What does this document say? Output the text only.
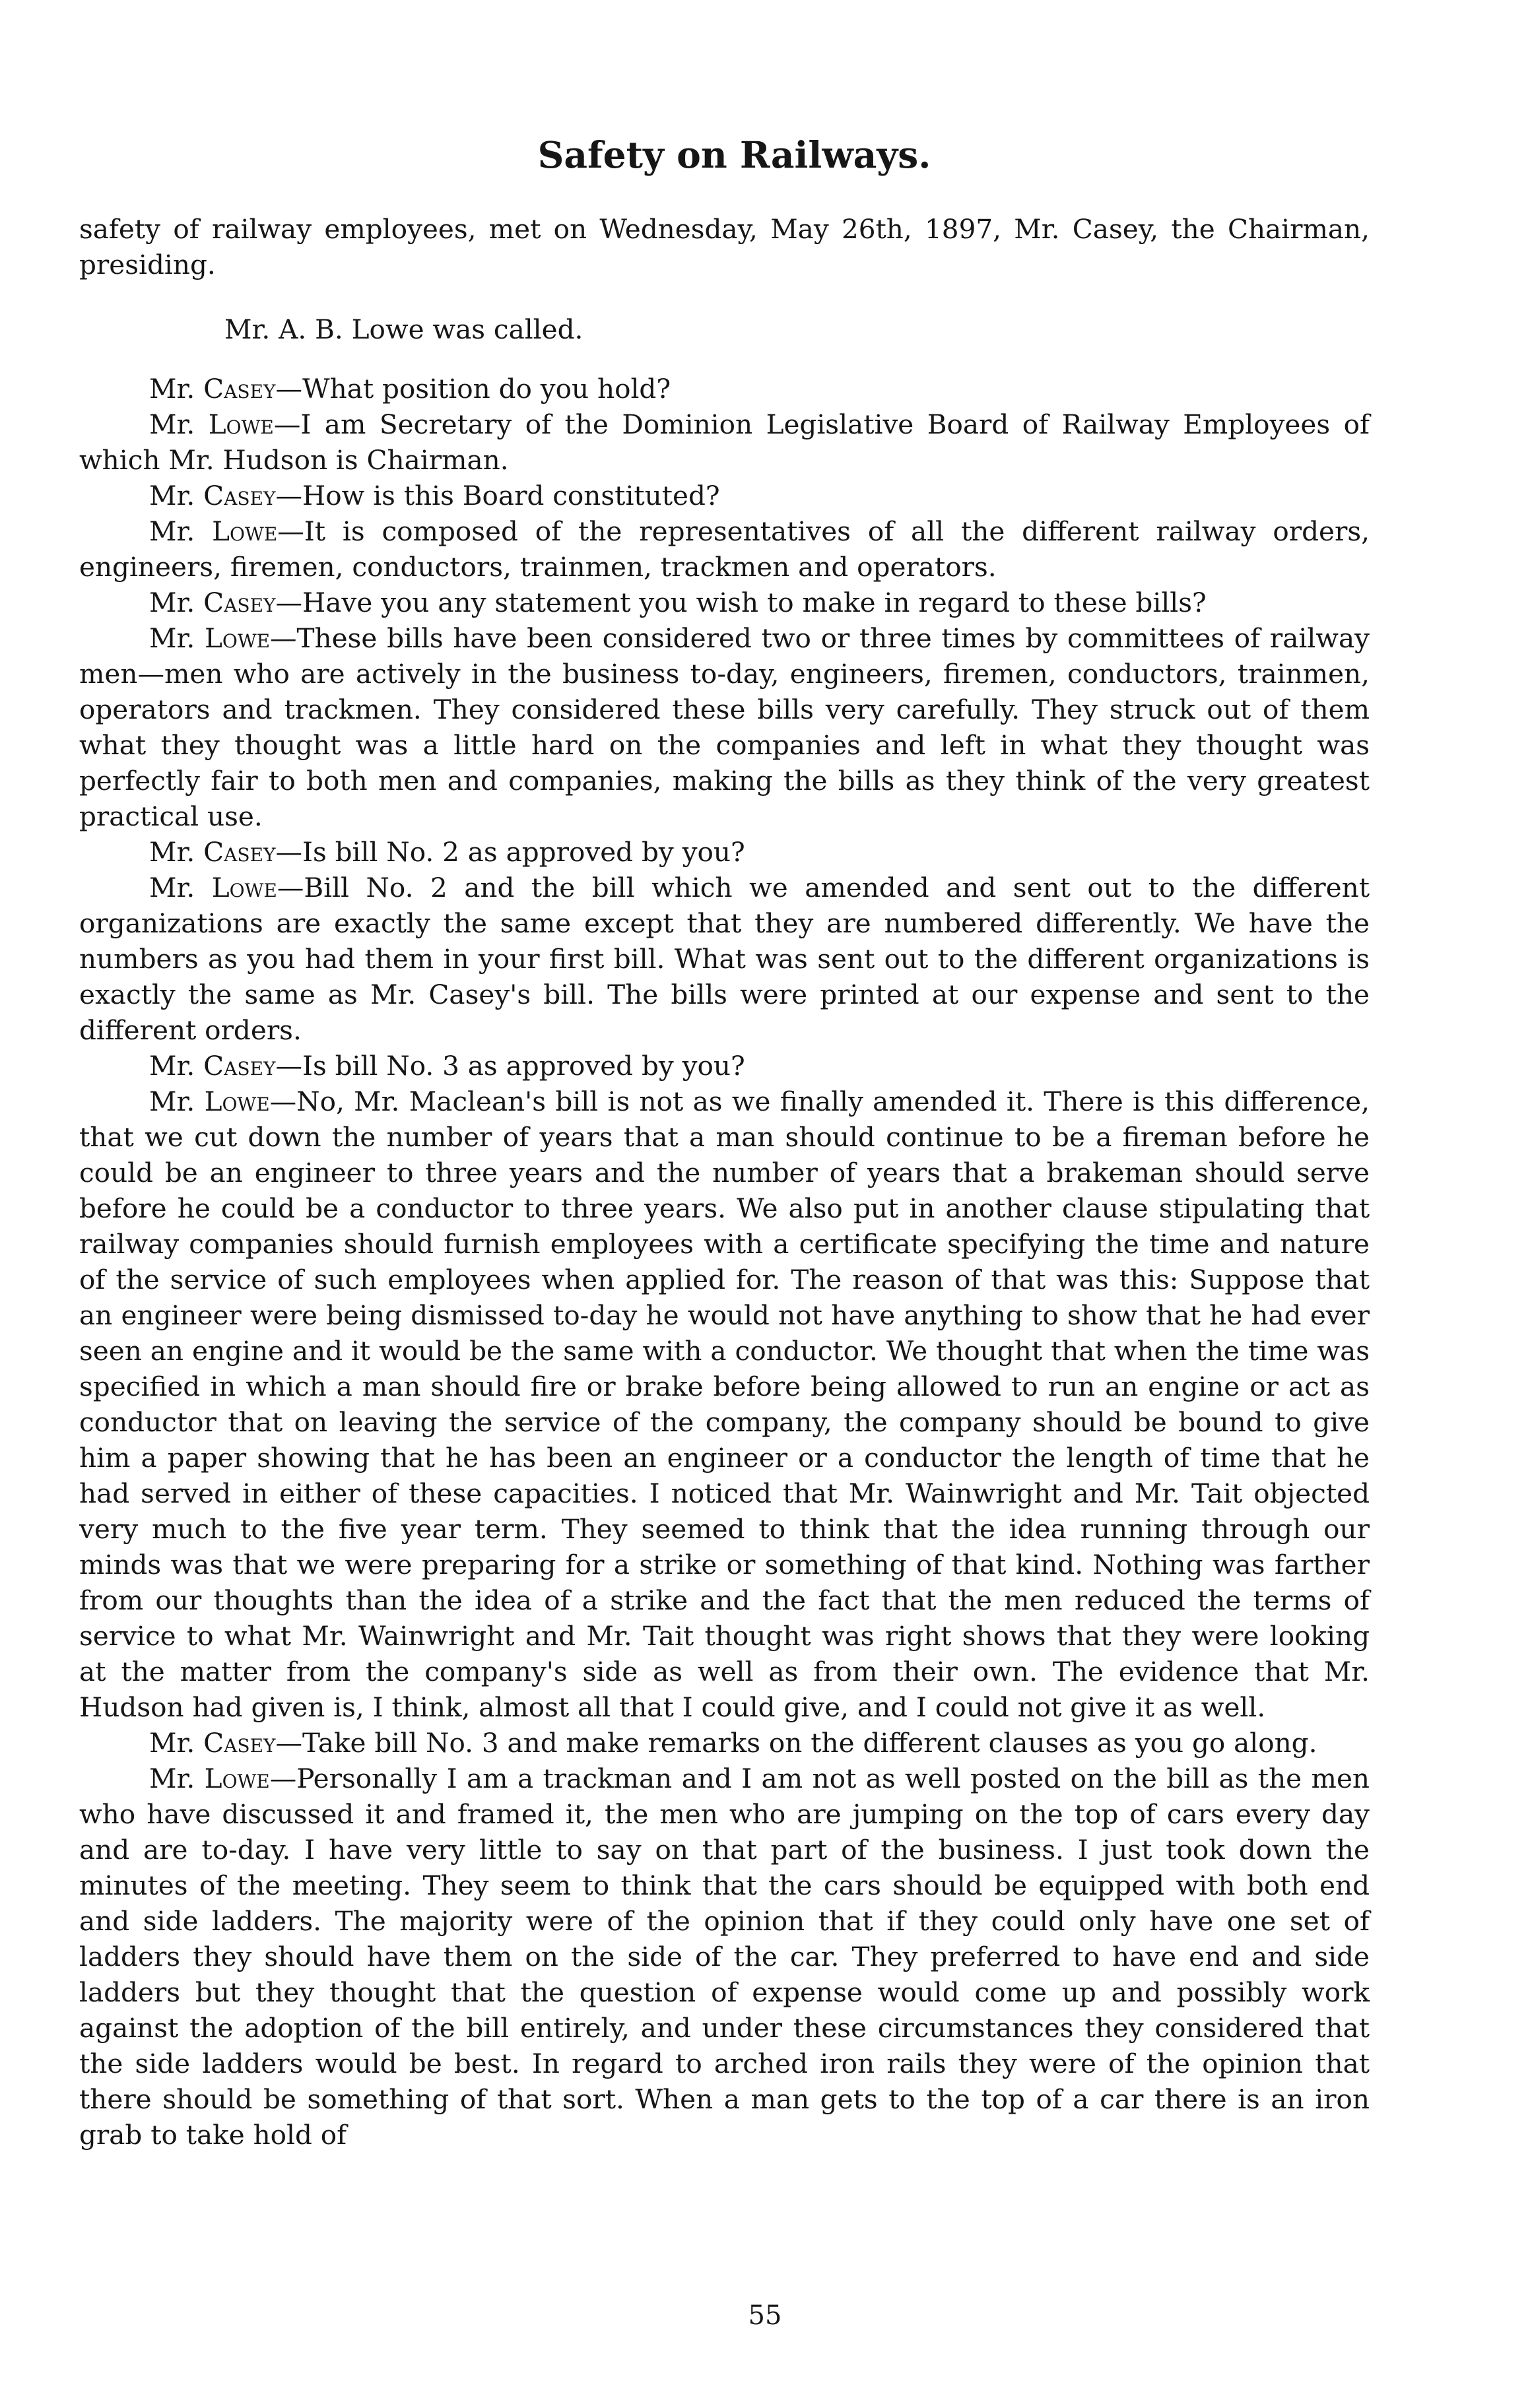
Safety on Railways.

safety of railway employees, met on Wednesday, May 26th, 1897, Mr. Casey, the Chairman, presiding.

Mr. A. B. Lowe was called.

Mr. Casey—What position do you hold?

Mr. Lowe—I am Secretary of the Dominion Legislative Board of Railway Employees of which Mr. Hudson is Chairman.

Mr. Casey—How is this Board constituted?

Mr. Lowe—It is composed of the representatives of all the different railway orders, engineers, firemen, conductors, trainmen, trackmen and operators.

Mr. Casey—Have you any statement you wish to make in regard to these bills?

Mr. Lowe—These bills have been considered two or three times by committees of railway men—men who are actively in the business to-day, engineers, firemen, conductors, trainmen, operators and trackmen. They considered these bills very carefully. They struck out of them what they thought was a little hard on the companies and left in what they thought was perfectly fair to both men and companies, making the bills as they think of the very greatest practical use.

Mr. Casey—Is bill No. 2 as approved by you?

Mr. Lowe—Bill No. 2 and the bill which we amended and sent out to the different organizations are exactly the same except that they are numbered differently. We have the numbers as you had them in your first bill. What was sent out to the different organizations is exactly the same as Mr. Casey's bill. The bills were printed at our expense and sent to the different orders.

Mr. Casey—Is bill No. 3 as approved by you?

Mr. Lowe—No, Mr. Maclean's bill is not as we finally amended it. There is this difference, that we cut down the number of years that a man should continue to be a fireman before he could be an engineer to three years and the number of years that a brakeman should serve before he could be a conductor to three years. We also put in another clause stipulating that railway companies should furnish employees with a certificate specifying the time and nature of the service of such employees when applied for. The reason of that was this: Suppose that an engineer were being dismissed to-day he would not have anything to show that he had ever seen an engine and it would be the same with a conductor. We thought that when the time was specified in which a man should fire or brake before being allowed to run an engine or act as conductor that on leaving the service of the company, the company should be bound to give him a paper showing that he has been an engineer or a conductor the length of time that he had served in either of these capacities. I noticed that Mr. Wainwright and Mr. Tait objected very much to the five year term. They seemed to think that the idea running through our minds was that we were preparing for a strike or something of that kind. Nothing was farther from our thoughts than the idea of a strike and the fact that the men reduced the terms of service to what Mr. Wainwright and Mr. Tait thought was right shows that they were looking at the matter from the company's side as well as from their own. The evidence that Mr. Hudson had given is, I think, almost all that I could give, and I could not give it as well.

Mr. Casey—Take bill No. 3 and make remarks on the different clauses as you go along.

Mr. Lowe—Personally I am a trackman and I am not as well posted on the bill as the men who have discussed it and framed it, the men who are jumping on the top of cars every day and are to-day. I have very little to say on that part of the business. I just took down the minutes of the meeting. They seem to think that the cars should be equipped with both end and side ladders. The majority were of the opinion that if they could only have one set of ladders they should have them on the side of the car. They preferred to have end and side ladders but they thought that the question of expense would come up and possibly work against the adoption of the bill entirely, and under these circumstances they considered that the side ladders would be best. In regard to arched iron rails they were of the opinion that there should be something of that sort. When a man gets to the top of a car there is an iron grab to take hold of

55
